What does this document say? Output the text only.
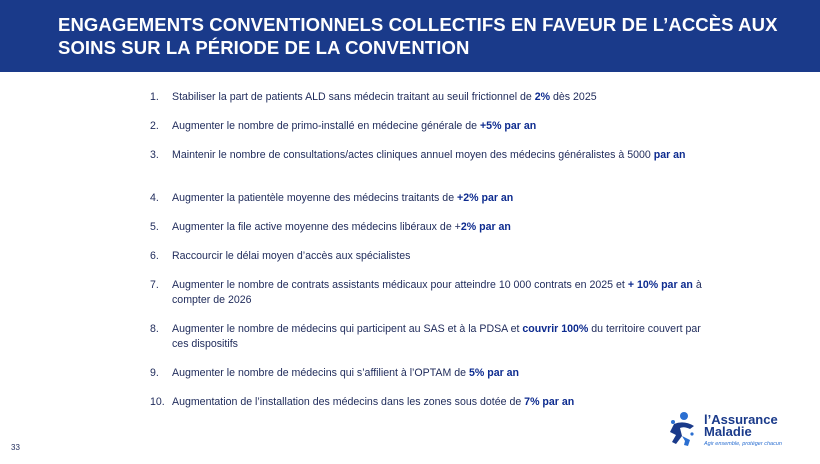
ENGAGEMENTS CONVENTIONNELS COLLECTIFS EN FAVEUR DE L’ACCÈS AUX SOINS SUR LA PÉRIODE DE LA CONVENTION
1. Stabiliser la part de patients ALD sans médecin traitant au seuil frictionnel de 2% dès 2025
2. Augmenter le nombre de primo-installé en médecine générale de +5% par an
3. Maintenir le nombre de consultations/actes cliniques annuel moyen des médecins généralistes à 5000 par an
4. Augmenter la patientèle moyenne des médecins traitants de +2% par an
5. Augmenter la file active moyenne des médecins libéraux de +2% par an
6. Raccourcir le délai moyen d’accès aux spécialistes
7. Augmenter le nombre de contrats assistants médicaux pour atteindre 10 000 contrats en 2025 et + 10% par an à compter de 2026
8. Augmenter le nombre de médecins qui participent au SAS et à la PDSA et couvrir 100% du territoire couvert par ces dispositifs
9. Augmenter le nombre de médecins qui s’affilient à l’OPTAM de 5% par an
10. Augmentation de l’installation des médecins dans les zones sous dotée de 7% par an
33
l’Assurance
Maladie
Agir ensemble, protéger chacun
